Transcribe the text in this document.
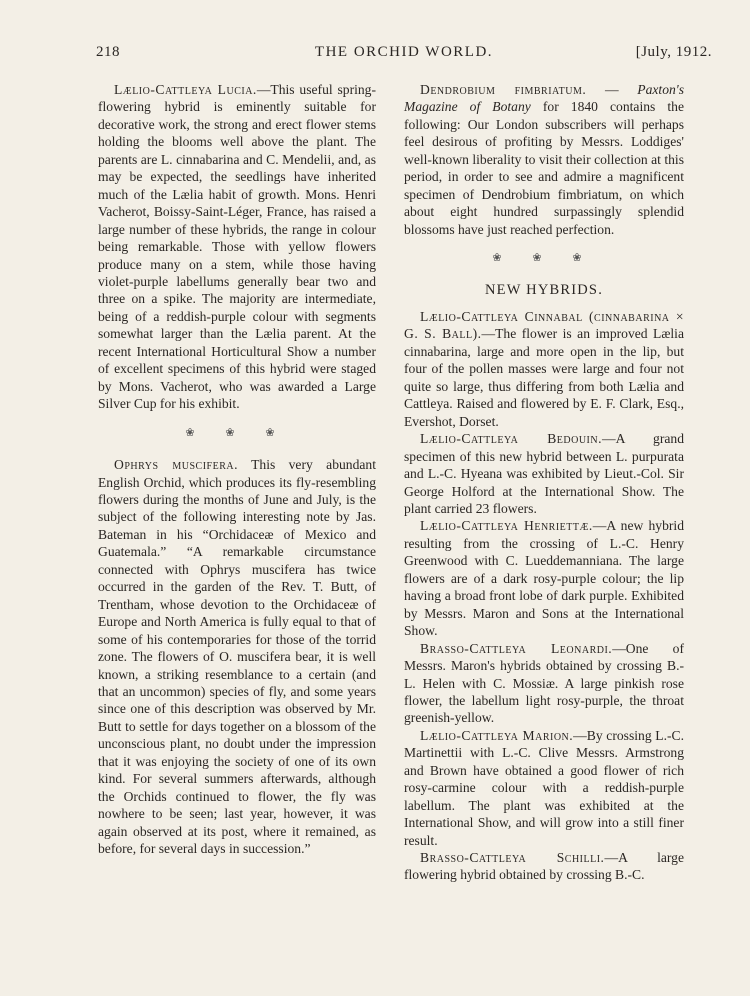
218	THE ORCHID WORLD.	[July, 1912.

Lælio-Cattleya Lucia.—This useful spring-flowering hybrid is eminently suitable for decorative work, the strong and erect flower stems holding the blooms well above the plant. The parents are L. cinnabarina and C. Mendelii, and, as may be expected, the seedlings have inherited much of the Lælia habit of growth. Mons. Henri Vacherot, Boissy-Saint-Léger, France, has raised a large number of these hybrids, the range in colour being remarkable. Those with yellow flowers produce many on a stem, while those having violet-purple labellums generally bear two and three on a spike. The majority are intermediate, being of a reddish-purple colour with segments somewhat larger than the Lælia parent. At the recent International Horticultural Show a number of excellent specimens of this hybrid were staged by Mons. Vacherot, who was awarded a Large Silver Cup for his exhibit.

❀ ❀ ❀

Ophrys muscifera. This very abundant English Orchid, which produces its fly-resembling flowers during the months of June and July, is the subject of the following interesting note by Jas. Bateman in his “Orchidaceæ of Mexico and Guatemala.” “A remarkable circumstance connected with Ophrys muscifera has twice occurred in the garden of the Rev. T. Butt, of Trentham, whose devotion to the Orchidaceæ of Europe and North America is fully equal to that of some of his contemporaries for those of the torrid zone. The flowers of O. muscifera bear, it is well known, a striking resemblance to a certain (and that an uncommon) species of fly, and some years since one of this description was observed by Mr. Butt to settle for days together on a blossom of the unconscious plant, no doubt under the impression that it was enjoying the society of one of its own kind. For several summers afterwards, although the Orchids continued to flower, the fly was nowhere to be seen; last year, however, it was again observed at its post, where it remained, as before, for several days in succession.”

Dendrobium fimbriatum. — Paxton's Magazine of Botany for 1840 contains the following: Our London subscribers will perhaps feel desirous of profiting by Messrs. Loddiges' well-known liberality to visit their collection at this period, in order to see and admire a magnificent specimen of Dendrobium fimbriatum, on which about eight hundred surpassingly splendid blossoms have just reached perfection.

❀ ❀ ❀
NEW HYBRIDS.

Lælio-Cattleya Cinnabal (cinnabarina × G. S. Ball).—The flower is an improved Lælia cinnabarina, large and more open in the lip, but four of the pollen masses were large and four not quite so large, thus differing from both Lælia and Cattleya. Raised and flowered by E. F. Clark, Esq., Evershot, Dorset.

Lælio-Cattleya Bedouin.—A grand specimen of this new hybrid between L. purpurata and L.-C. Hyeana was exhibited by Lieut.-Col. Sir George Holford at the International Show. The plant carried 23 flowers.

Lælio-Cattleya Henriettæ.—A new hybrid resulting from the crossing of L.-C. Henry Greenwood with C. Lueddemanniana. The large flowers are of a dark rosy-purple colour; the lip having a broad front lobe of dark purple. Exhibited by Messrs. Maron and Sons at the International Show.

Brasso-Cattleya Leonardi.—One of Messrs. Maron's hybrids obtained by crossing B.-L. Helen with C. Mossiæ. A large pinkish rose flower, the labellum light rosy-purple, the throat greenish-yellow.

Lælio-Cattleya Marion.—By crossing L.-C. Martinettii with L.-C. Clive Messrs. Armstrong and Brown have obtained a good flower of rich rosy-carmine colour with a reddish-purple labellum. The plant was exhibited at the International Show, and will grow into a still finer result.

Brasso-Cattleya Schilli.—A large flowering hybrid obtained by crossing B.-C.
